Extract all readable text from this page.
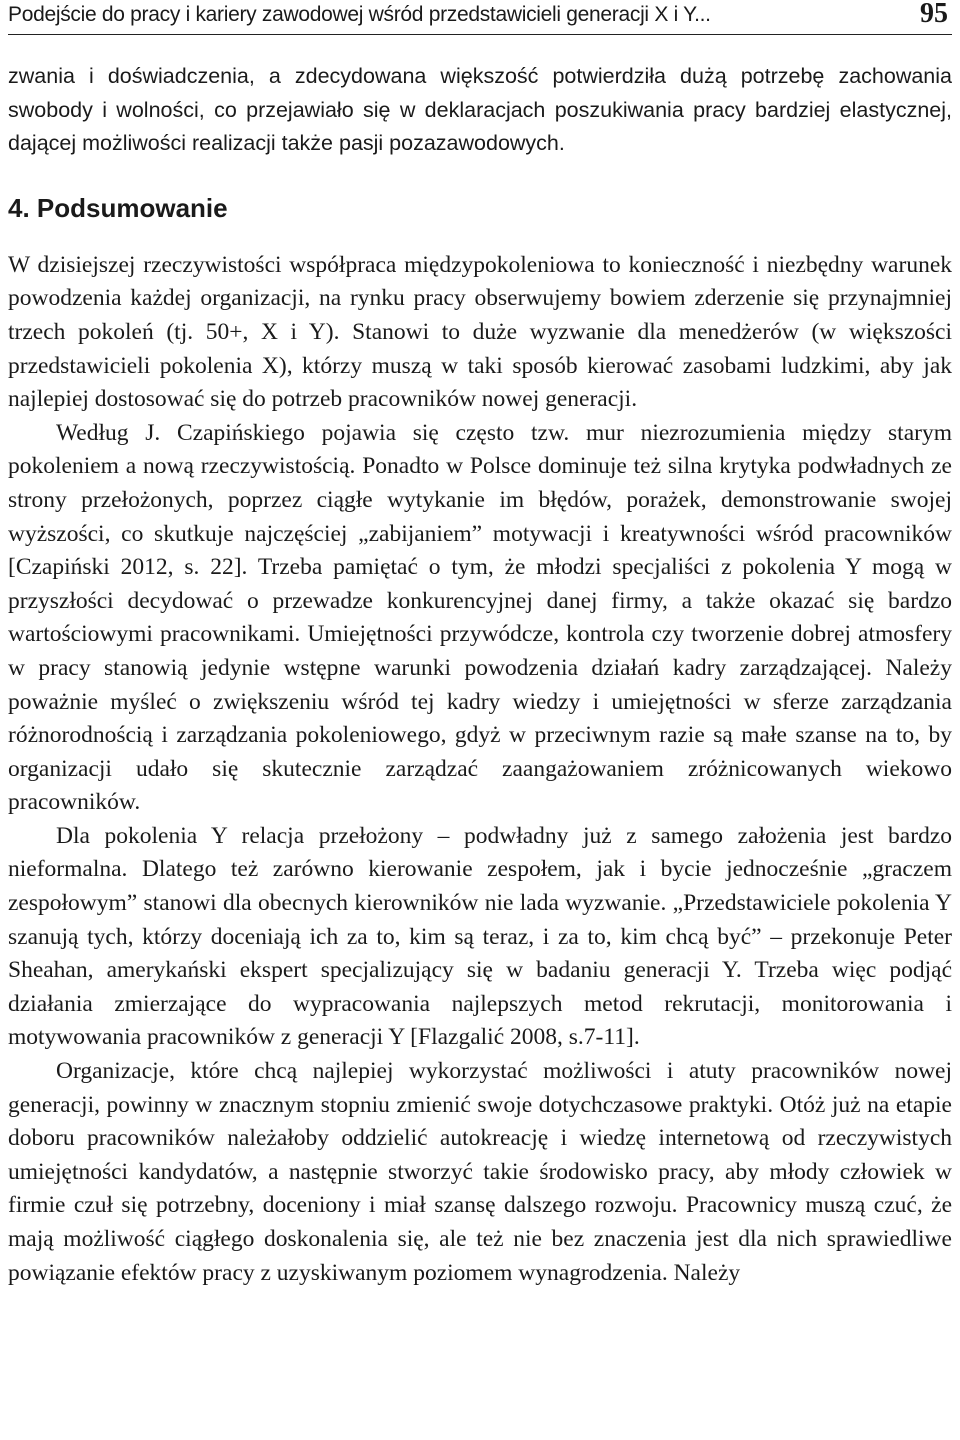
Podejście do pracy i kariery zawodowej wśród przedstawicieli generacji X i Y...	95

zwania i doświadczenia, a zdecydowana większość potwierdziła dużą potrzebę zachowania swobody i wolności, co przejawiało się w deklaracjach poszukiwania pracy bardziej elastycznej, dającej możliwości realizacji także pasji pozazawodowych.

4. Podsumowanie

W dzisiejszej rzeczywistości współpraca międzypokoleniowa to konieczność i niezbędny warunek powodzenia każdej organizacji, na rynku pracy obserwujemy bowiem zderzenie się przynajmniej trzech pokoleń (tj. 50+, X i Y). Stanowi to duże wyzwanie dla menedżerów (w większości przedstawicieli pokolenia X), którzy muszą w taki sposób kierować zasobami ludzkimi, aby jak najlepiej dostosować się do potrzeb pracowników nowej generacji.

Według J. Czapińskiego pojawia się często tzw. mur niezrozumienia między starym pokoleniem a nową rzeczywistością. Ponadto w Polsce dominuje też silna krytyka podwładnych ze strony przełożonych, poprzez ciągłe wytykanie im błędów, porażek, demonstrowanie swojej wyższości, co skutkuje najczęściej „zabijaniem” motywacji i kreatywności wśród pracowników [Czapiński 2012, s. 22]. Trzeba pamiętać o tym, że młodzi specjaliści z pokolenia Y mogą w przyszłości decydować o przewadze konkurencyjnej danej firmy, a także okazać się bardzo wartościowymi pracownikami. Umiejętności przywódcze, kontrola czy tworzenie dobrej atmosfery w pracy stanowią jedynie wstępne warunki powodzenia działań kadry zarządzającej. Należy poważnie myśleć o zwiększeniu wśród tej kadry wiedzy i umiejętności w sferze zarządzania różnorodnością i zarządzania pokoleniowego, gdyż w przeciwnym razie są małe szanse na to, by organizacji udało się skutecznie zarządzać zaangażowaniem zróżnicowanych wiekowo pracowników.

Dla pokolenia Y relacja przełożony – podwładny już z samego założenia jest bardzo nieformalna. Dlatego też zarówno kierowanie zespołem, jak i bycie jednocześnie „graczem zespołowym” stanowi dla obecnych kierowników nie lada wyzwanie. „Przedstawiciele pokolenia Y szanują tych, którzy doceniają ich za to, kim są teraz, i za to, kim chcą być” – przekonuje Peter Sheahan, amerykański ekspert specjalizujący się w badaniu generacji Y. Trzeba więc podjąć działania zmierzające do wypracowania najlepszych metod rekrutacji, monitorowania i motywowania pracowników z generacji Y [Flazgalić 2008, s.7-11].

Organizacje, które chcą najlepiej wykorzystać możliwości i atuty pracowników nowej generacji, powinny w znacznym stopniu zmienić swoje dotychczasowe praktyki. Otóż już na etapie doboru pracowników należałoby oddzielić autokreację i wiedzę internetową od rzeczywistych umiejętności kandydatów, a następnie stworzyć takie środowisko pracy, aby młody człowiek w firmie czuł się potrzebny, doceniony i miał szansę dalszego rozwoju. Pracownicy muszą czuć, że mają możliwość ciągłego doskonalenia się, ale też nie bez znaczenia jest dla nich sprawiedliwe powiązanie efektów pracy z uzyskiwanym poziomem wynagrodzenia. Należy
